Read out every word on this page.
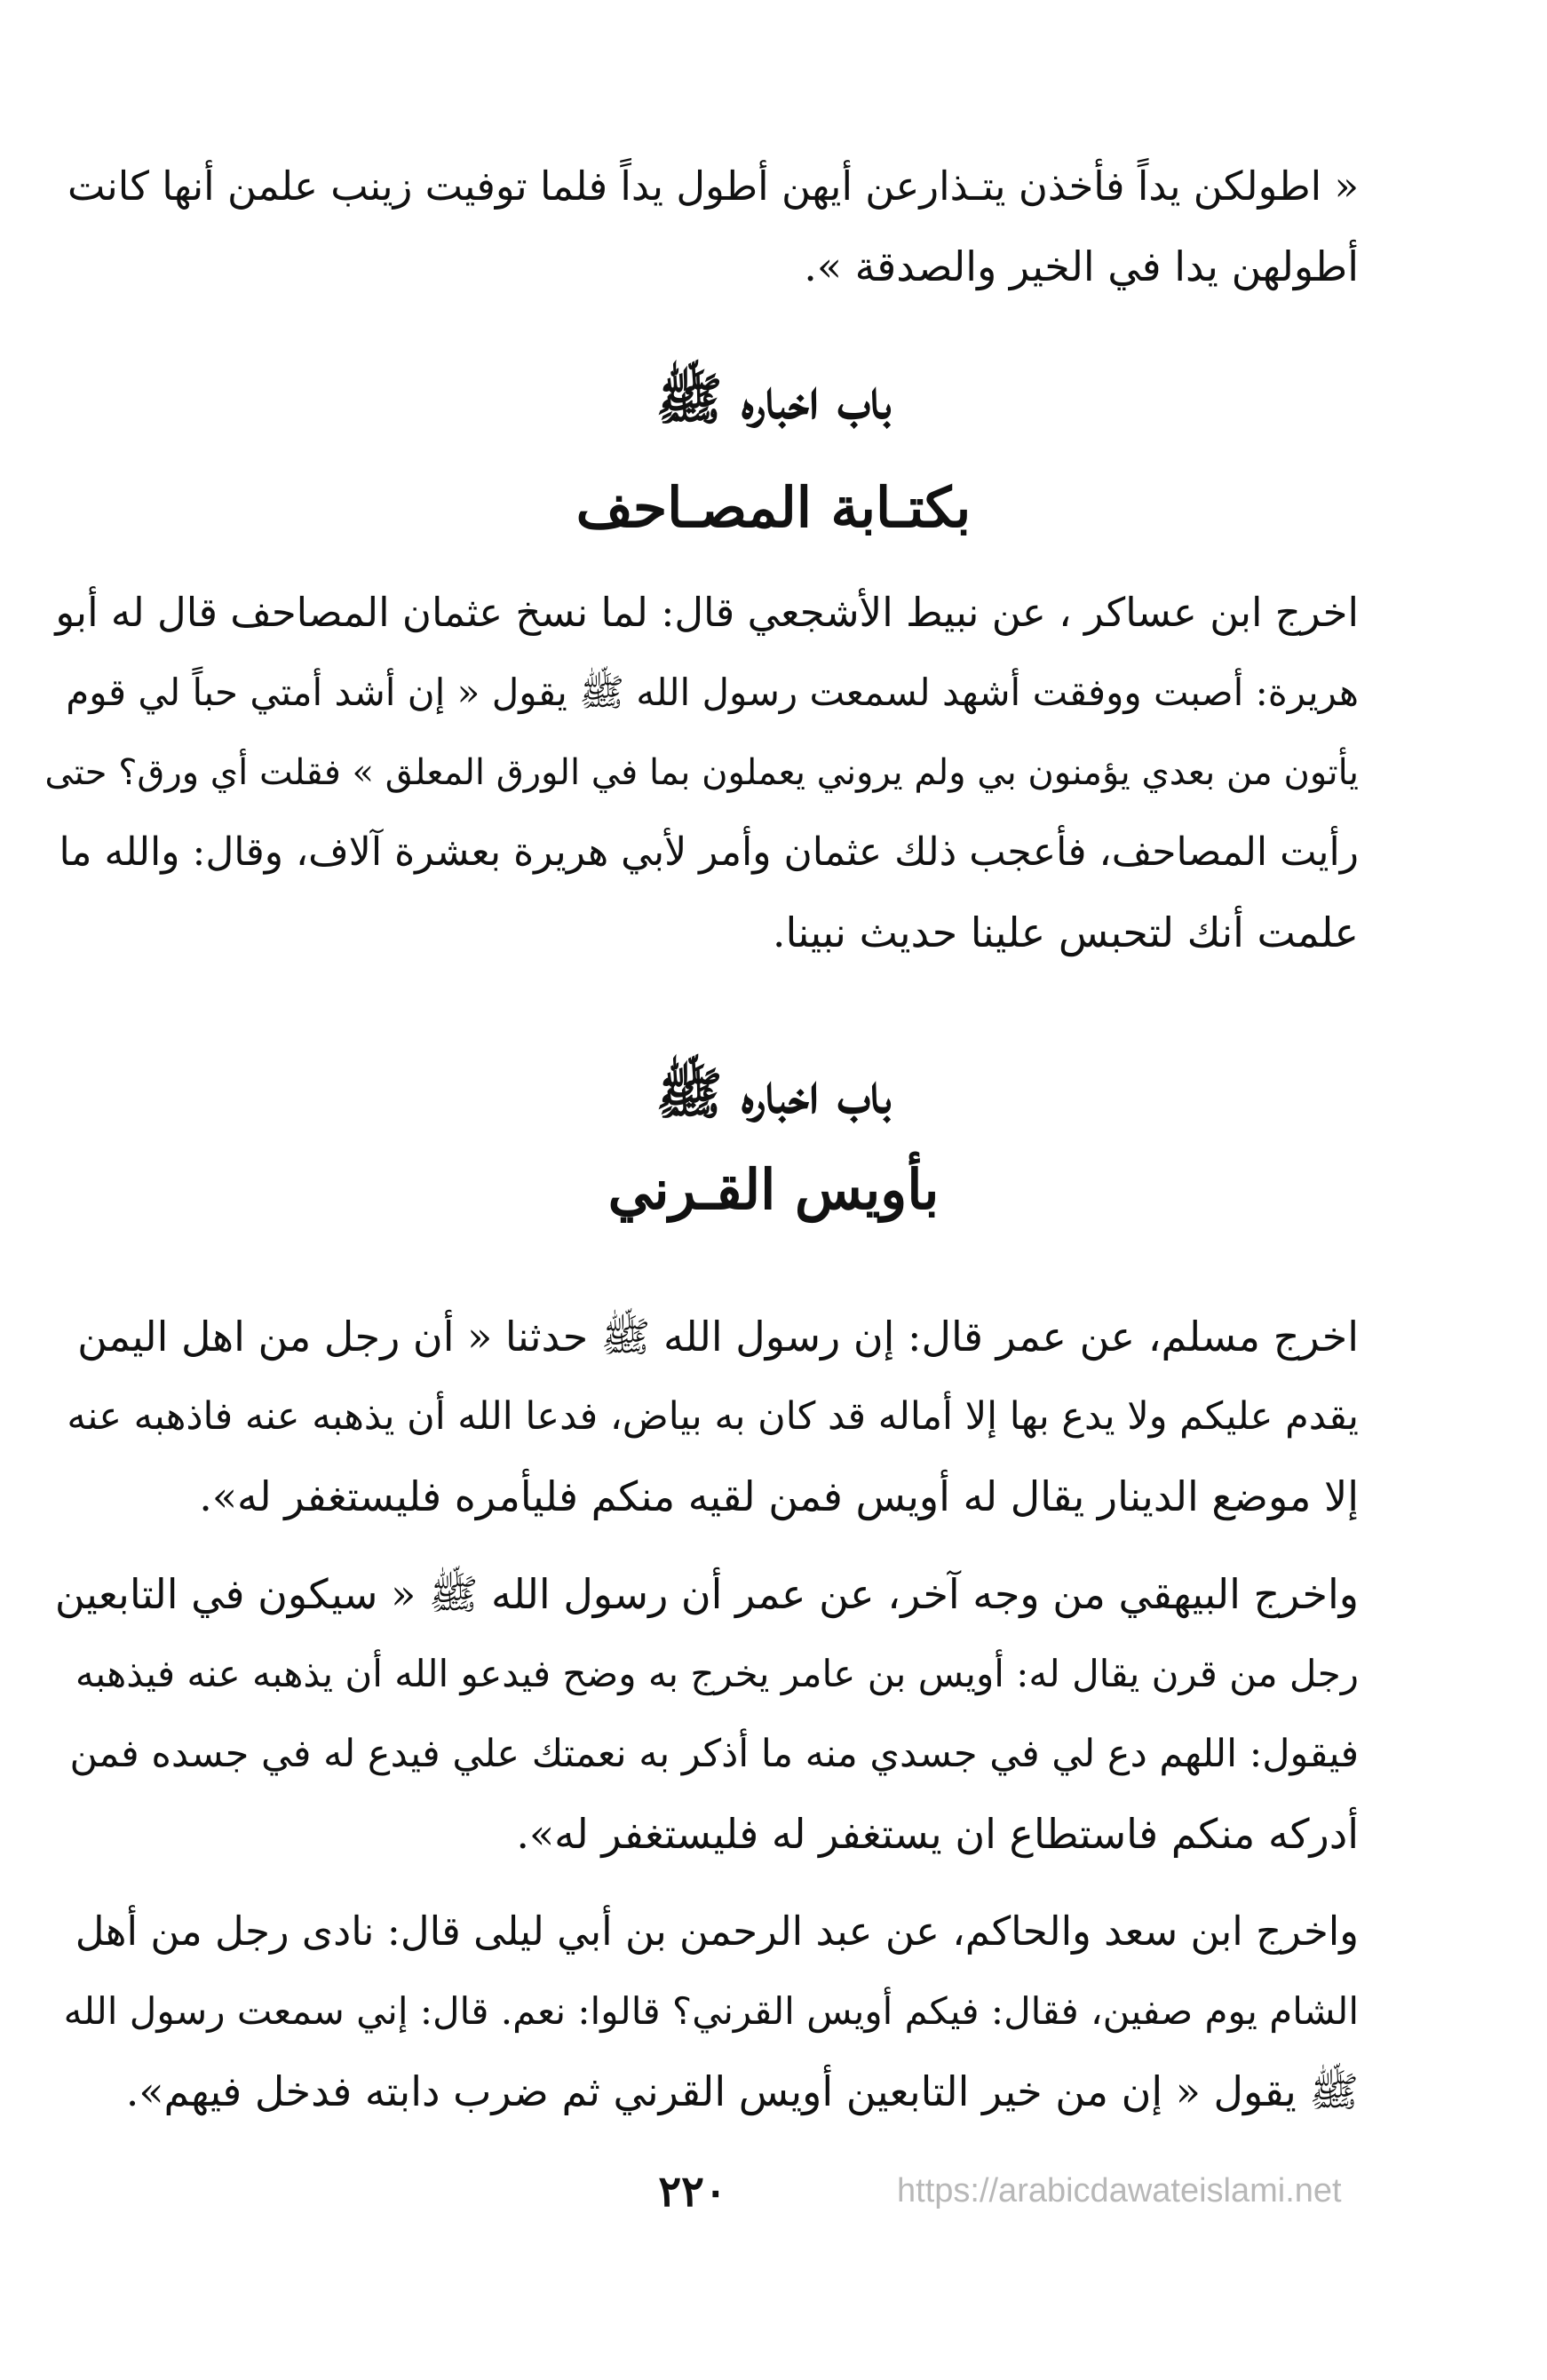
« اطولكن يداً فأخذن يتـذارعن أيهن أطول يداً فلما توفيت زينب علمن أنها كانت
أطولهن يدا في الخير والصدقة ».
باب اخباره ﷺ
بكتـابة المصـاحف
اخرج ابن عساكر ، عن نبيط الأشجعي قال: لما نسخ عثمان المصاحف قال له أبو
هريرة: أصبت ووفقت أشهد لسمعت رسول الله ﷺ يقول « إن أشد أمتي حباً لي قوم
يأتون من بعدي يؤمنون بي ولم يروني يعملون بما في الورق المعلق » فقلت أي ورق؟ حتى
رأيت المصاحف، فأعجب ذلك عثمان وأمر لأبي هريرة بعشرة آلاف، وقال: والله ما
علمت أنك لتحبس علينا حديث نبينا.
باب اخباره ﷺ
بأويس القـرني
اخرج مسلم، عن عمر قال: إن رسول الله ﷺ حدثنا « أن رجل من اهل اليمن
يقدم عليكم ولا يدع بها إلا أماله قد كان به بياض، فدعا الله أن يذهبه عنه فاذهبه عنه
إلا موضع الدينار يقال له أويس فمن لقيه منكم فليأمره فليستغفر له».
واخرج البيهقي من وجه آخر، عن عمر أن رسول الله ﷺ « سيكون في التابعين
رجل من قرن يقال له: أويس بن عامر يخرج به وضح فيدعو الله أن يذهبه عنه فيذهبه
فيقول: اللهم دع لي في جسدي منه ما أذكر به نعمتك علي فيدع له في جسده فمن
أدركه منكم فاستطاع ان يستغفر له فليستغفر له».
واخرج ابن سعد والحاكم، عن عبد الرحمن بن أبي ليلى قال: نادى رجل من أهل
الشام يوم صفين، فقال: فيكم أويس القرني؟ قالوا: نعم. قال: إني سمعت رسول الله
ﷺ يقول « إن من خير التابعين أويس القرني ثم ضرب دابته فدخل فيهم».
٢٢٠	https://arabicdawateislami.net
